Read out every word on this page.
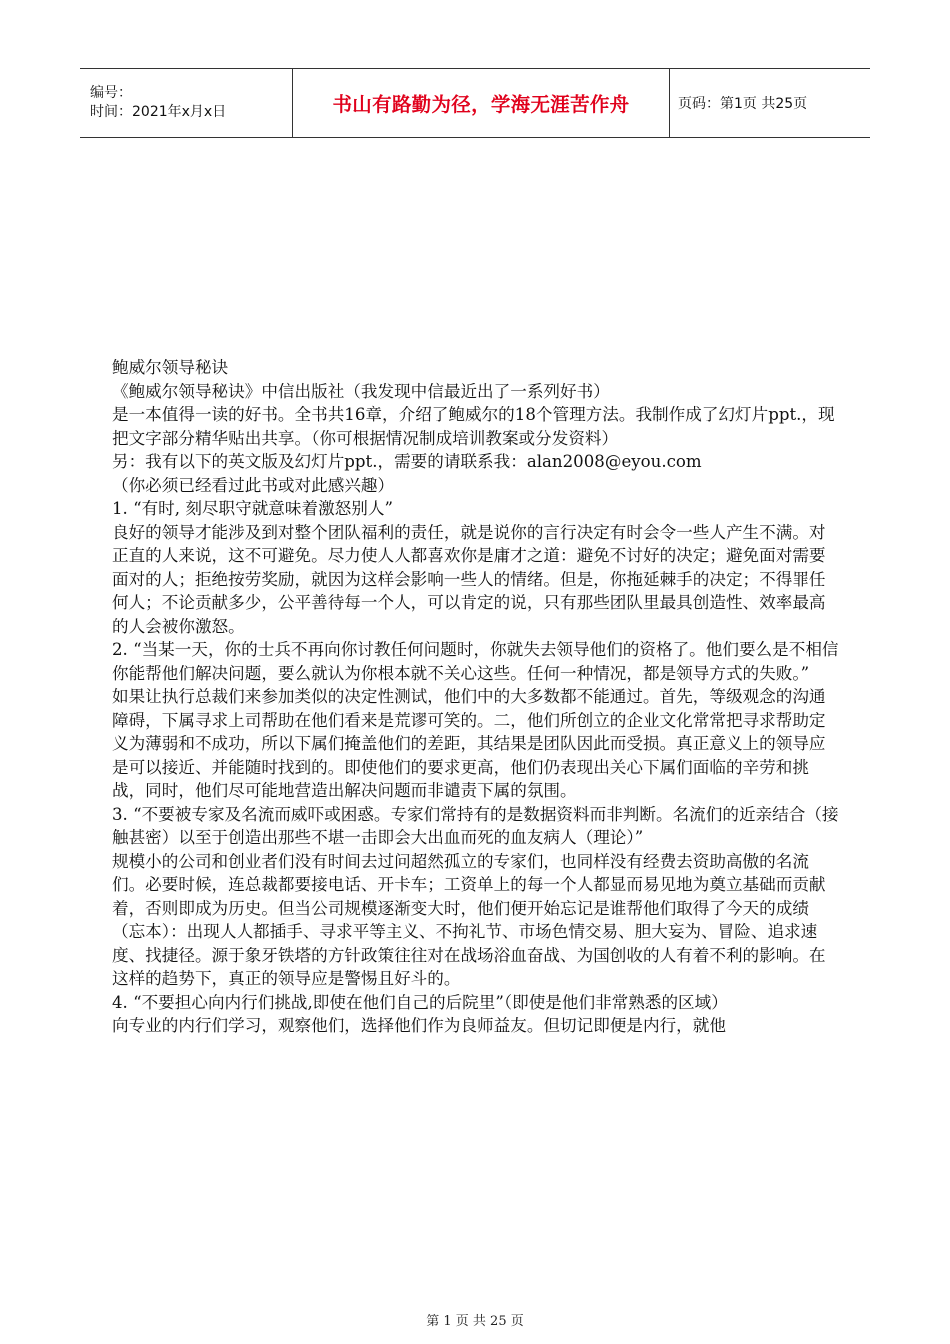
编号：
时间：2021年x月x日	书山有路勤为径，学海无涯苦作舟	页码：第1页 共25页

鲍威尔领导秘诀

《鲍威尔领导秘诀》中信出版社（我发现中信最近出了一系列好书）

是一本值得一读的好书。全书共16章，介绍了鲍威尔的18个管理方法。我制作成了幻灯片ppt.，现把文字部分精华贴出共享。（你可根据情况制成培训教案或分发资料）

另：我有以下的英文版及幻灯片ppt.，需要的请联系我：alan2008@eyou.com

（你必须已经看过此书或对此感兴趣）

1. “有时, 刻尽职守就意味着激怒别人”

良好的领导才能涉及到对整个团队福利的责任，就是说你的言行决定有时会令一些人产生不满。对正直的人来说，这不可避免。尽力使人人都喜欢你是庸才之道：避免不讨好的决定；避免面对需要面对的人；拒绝按劳奖励，就因为这样会影响一些人的情绪。但是，你拖延棘手的决定；不得罪任何人；不论贡献多少，公平善待每一个人，可以肯定的说，只有那些团队里最具创造性、效率最高的人会被你激怒。

2. “当某一天，你的士兵不再向你讨教任何问题时，你就失去领导他们的资格了。他们要么是不相信你能帮他们解决问题，要么就认为你根本就不关心这些。任何一种情况，都是领导方式的失败。”

如果让执行总裁们来参加类似的决定性测试，他们中的大多数都不能通过。首先，等级观念的沟通障碍，下属寻求上司帮助在他们看来是荒谬可笑的。二，他们所创立的企业文化常常把寻求帮助定义为薄弱和不成功，所以下属们掩盖他们的差距，其结果是团队因此而受损。真正意义上的领导应是可以接近、并能随时找到的。即使他们的要求更高，他们仍表现出关心下属们面临的辛劳和挑战，同时，他们尽可能地营造出解决问题而非谴责下属的氛围。

3. “不要被专家及名流而威吓或困惑。专家们常持有的是数据资料而非判断。名流们的近亲结合（接触甚密）以至于创造出那些不堪一击即会大出血而死的血友病人（理论）”

规模小的公司和创业者们没有时间去过问超然孤立的专家们，也同样没有经费去资助高傲的名流们。必要时候，连总裁都要接电话、开卡车；工资单上的每一个人都显而易见地为奠立基础而贡献着，否则即成为历史。但当公司规模逐渐变大时，他们便开始忘记是谁帮他们取得了今天的成绩（忘本）：出现人人都插手、寻求平等主义、不拘礼节、市场色情交易、胆大妄为、冒险、追求速度、找捷径。源于象牙铁塔的方针政策往往对在战场浴血奋战、为国创收的人有着不利的影响。在这样的趋势下，真正的领导应是警惕且好斗的。

4. “不要担心向内行们挑战,即使在他们自己的后院里”（即使是他们非常熟悉的区域）

向专业的内行们学习，观察他们，选择他们作为良师益友。但切记即便是内行，就他

第 1 页 共 25 页
